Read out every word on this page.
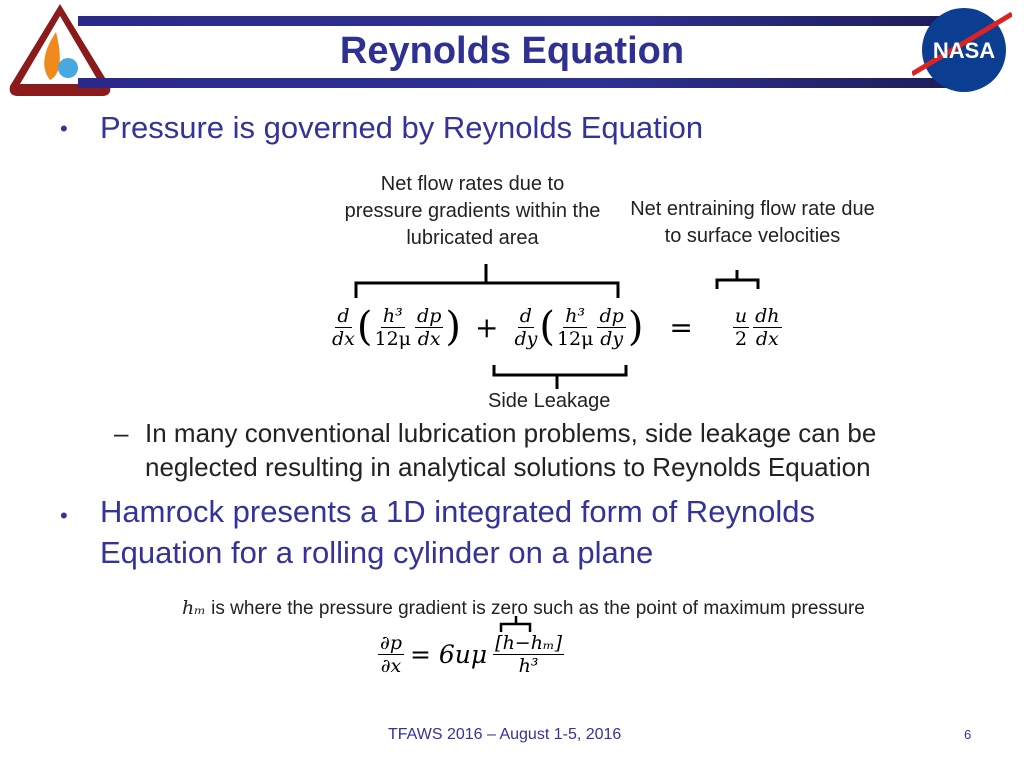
Reynolds Equation	NASA
• Pressure is governed by Reynolds Equation
Net flow rates due to pressure gradients within the lubricated area
Net entraining flow rate due to surface velocities
$\frac{d}{dx}$ ( $\frac{\text{h³}}{12\mu} \frac{dp}{dx}$ ) + $\frac{d}{dy}$ ( $\frac{\text{h³}}{12\mu} \frac{dp}{dy}$ ) = $\frac{u}{2} \frac{dh}{dx}$
Side Leakage
– In many conventional lubrication problems, side leakage can be neglected resulting in analytical solutions to Reynolds Equation
• Hamrock presents a 1D integrated form of Reynolds Equation for a rolling cylinder on a plane
hₘ is where the pressure gradient is zero such as the point of maximum pressure
$\frac{\partial p}{\partial x} = 6u\mu \frac{\text{[h−hₘ]}}{\text{h³}}$
TFAWS 2016 – August 1-5, 2016	6
